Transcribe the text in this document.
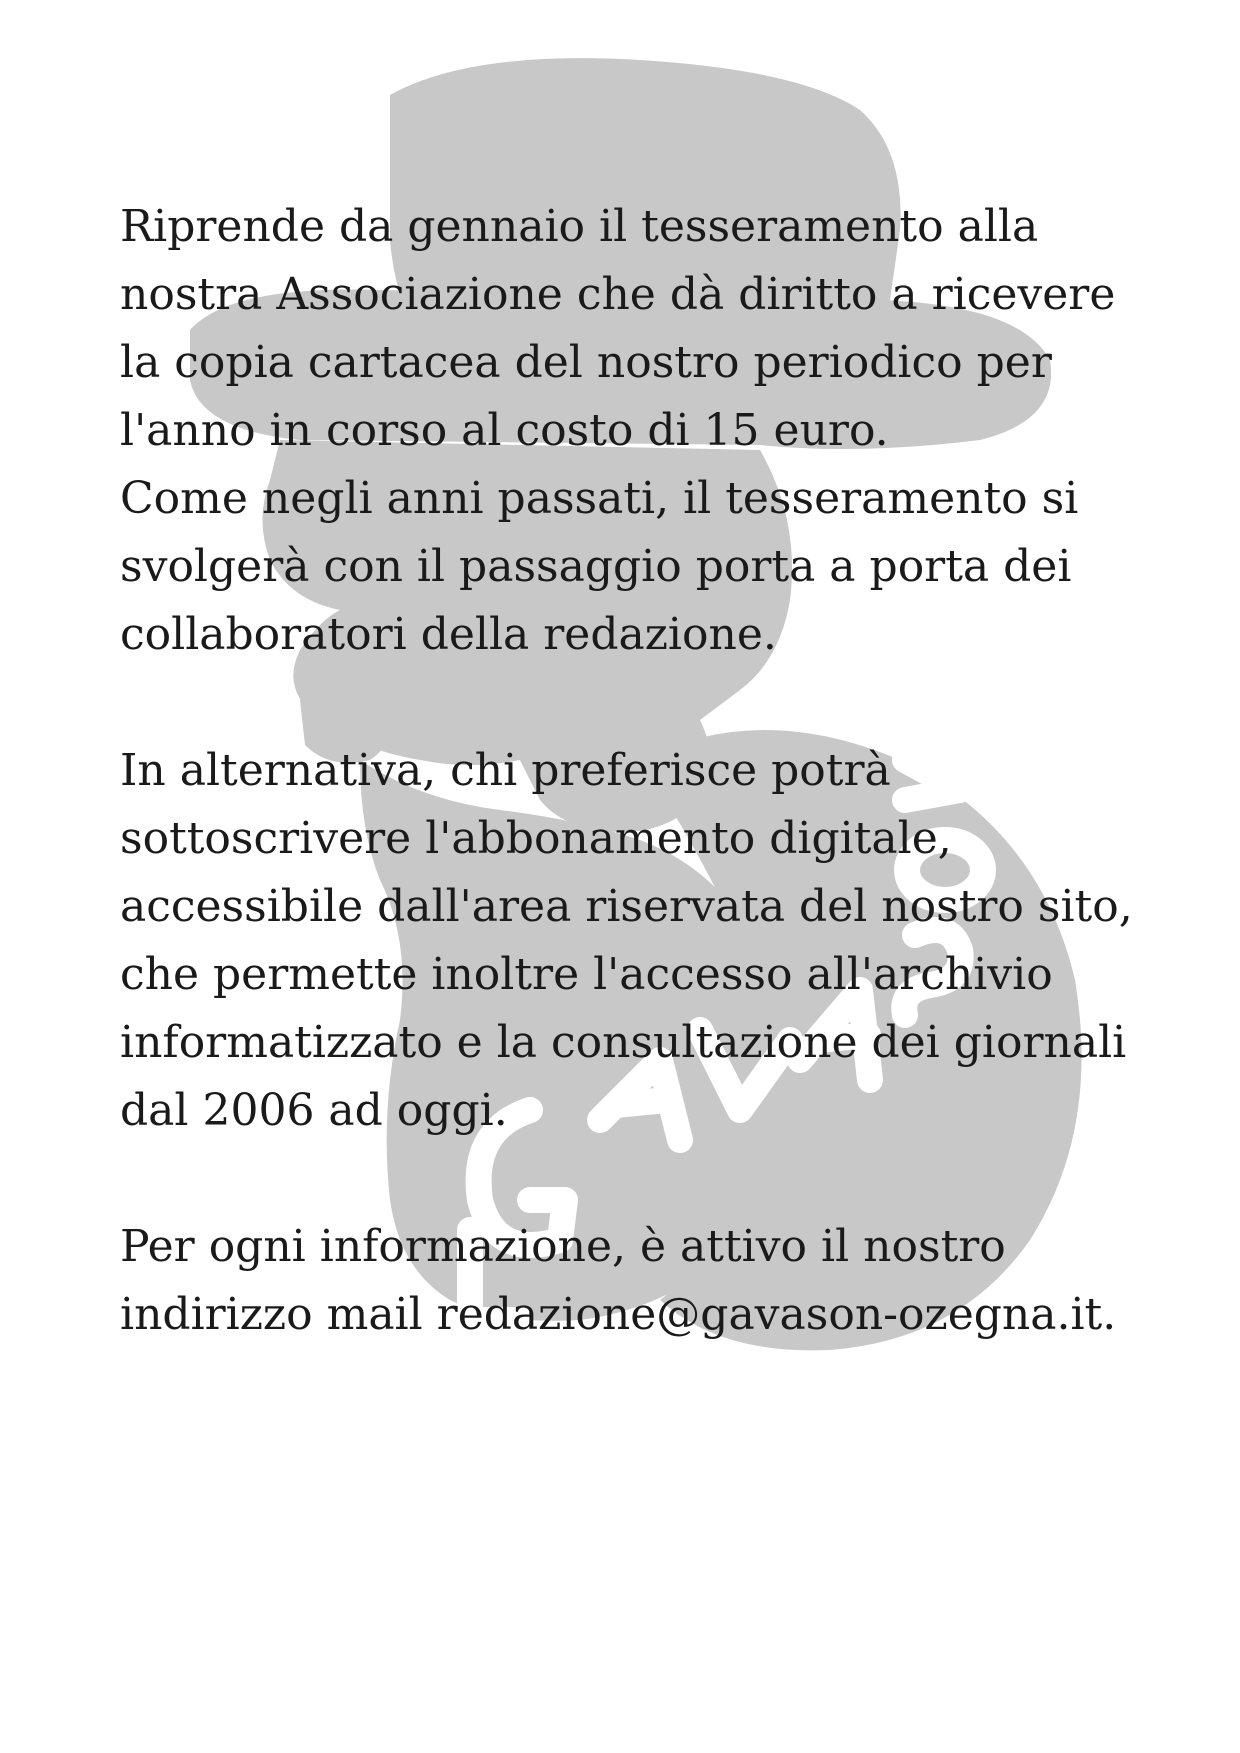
Riprende da gennaio il tesseramento alla
nostra Associazione che dà diritto a ricevere
la copia cartacea del nostro periodico per
l'anno in corso al costo di 15 euro.
Come negli anni passati, il tesseramento si
svolgerà con il passaggio porta a porta dei
collaboratori della redazione.

In alternativa, chi preferisce potrà
sottoscrivere l'abbonamento digitale,
accessibile dall'area riservata del nostro sito,
che permette inoltre l'accesso all'archivio
informatizzato e la consultazione dei giornali
dal 2006 ad oggi.

Per ogni informazione, è attivo il nostro
indirizzo mail redazione@gavason-ozegna.it.
